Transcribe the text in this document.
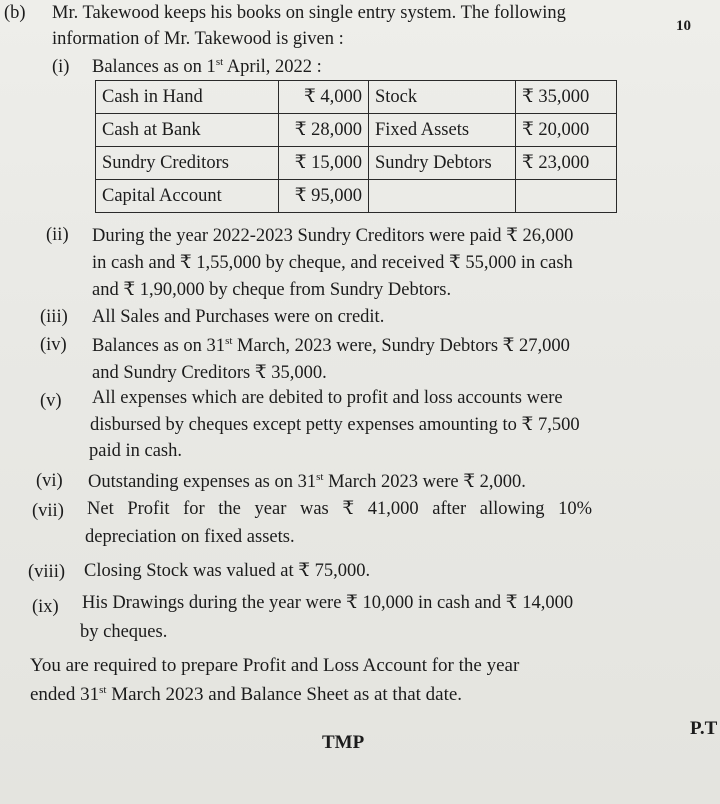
(b) Mr. Takewood keeps his books on single entry system. The following
information of Mr. Takewood is given :
10
(i) Balances as on 1st April, 2022 :
Cash in Hand	₹ 4,000	Stock	₹ 35,000
Cash at Bank	₹ 28,000	Fixed Assets	₹ 20,000
Sundry Creditors	₹ 15,000	Sundry Debtors	₹ 23,000
Capital Account	₹ 95,000		
(ii) During the year 2022-2023 Sundry Creditors were paid ₹ 26,000
in cash and ₹ 1,55,000 by cheque, and received ₹ 55,000 in cash
and ₹ 1,90,000 by cheque from Sundry Debtors.
(iii) All Sales and Purchases were on credit.
(iv) Balances as on 31st March, 2023 were, Sundry Debtors ₹ 27,000
and Sundry Creditors ₹ 35,000.
(v) All expenses which are debited to profit and loss accounts were
disbursed by cheques except petty expenses amounting to ₹ 7,500
paid in cash.
(vi) Outstanding expenses as on 31st March 2023 were ₹ 2,000.
(vii) Net Profit for the year was ₹ 41,000 after allowing 10%
depreciation on fixed assets.
(viii) Closing Stock was valued at ₹ 75,000.
(ix) His Drawings during the year were ₹ 10,000 in cash and ₹ 14,000
by cheques.
You are required to prepare Profit and Loss Account for the year
ended 31st March 2023 and Balance Sheet as at that date.
TMP
P.T
